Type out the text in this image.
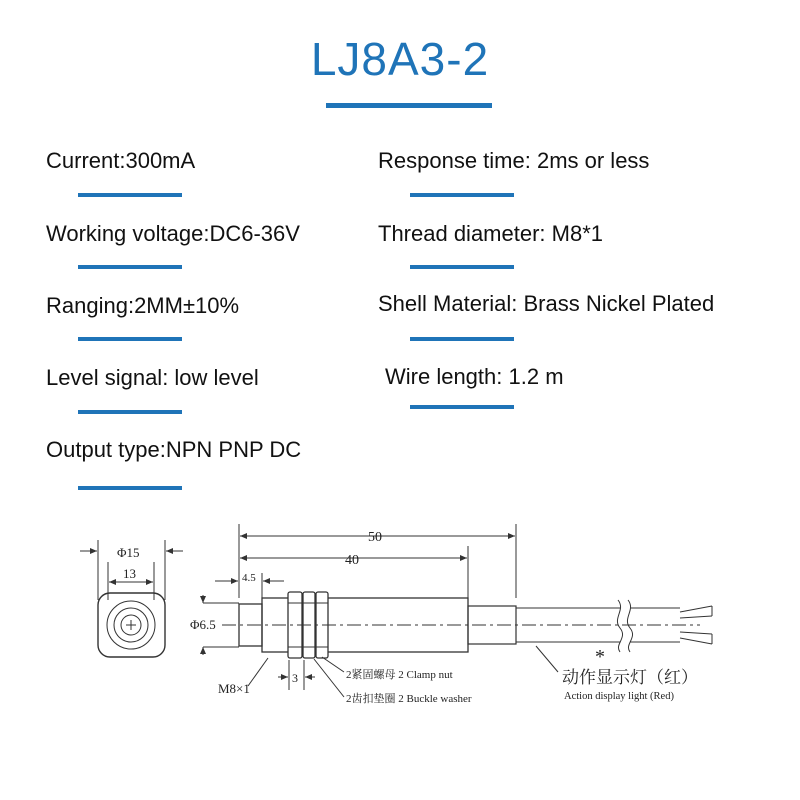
LJ8A3-2
Current:300mA
Working voltage:DC6-36V
Ranging:2MM±10%
Level signal: low level
Output type:NPN PNP DC
Response time: 2ms or less
Thread diameter: M8*1
Shell Material: Brass Nickel Plated
Wire length: 1.2 m
Φ15
13
50
40
4.5
Φ6.5
M8×1
3
*
2紧固螺母 2 Clamp nut
2齿扣垫圈 2 Buckle washer
动作显示灯（红）
Action display light (Red)
